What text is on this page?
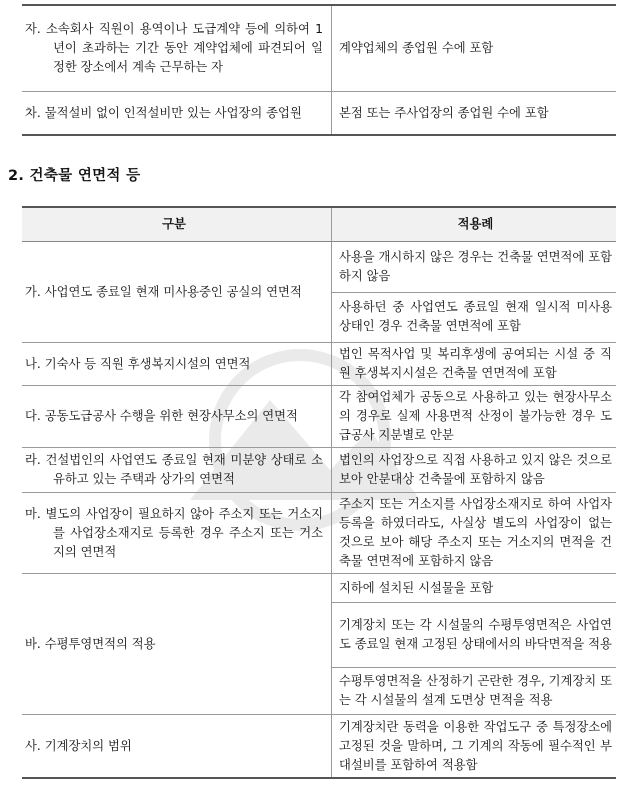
자. 소속회사 직원이 용역이나 도급계약 등에 의하여 1년이 초과하는 기간 동안 계약업체에 파견되어 일정한 장소에서 계속 근무하는 자	계약업체의 종업원 수에 포함

차. 물적설비 없이 인적설비만 있는 사업장의 종업원	본점 또는 주사업장의 종업원 수에 포함
2. 건축물 연면적 등
구분	적용례

가. 사업연도 종료일 현재 미사용중인 공실의 연면적	사용을 개시하지 않은 경우는 건축물 연면적에 포함하지 않음
	사용하던 중 사업연도 종료일 현재 일시적 미사용 상태인 경우 건축물 연면적에 포함

나. 기숙사 등 직원 후생복지시설의 연면적	법인 목적사업 및 복리후생에 공여되는 시설 중 직원 후생복지시설은 건축물 연면적에 포함

다. 공동도급공사 수행을 위한 현장사무소의 연면적	각 참여업체가 공동으로 사용하고 있는 현장사무소의 경우로 실제 사용면적 산정이 불가능한 경우 도급공사 지분별로 안분

라. 건설법인의 사업연도 종료일 현재 미분양 상태로 소유하고 있는 주택과 상가의 연면적	법인의 사업장으로 직접 사용하고 있지 않은 것으로 보아 안분대상 건축물에 포함하지 않음

마. 별도의 사업장이 필요하지 않아 주소지 또는 거소지를 사업장소재지로 등록한 경우 주소지 또는 거소지의 연면적	주소지 또는 거소지를 사업장소재지로 하여 사업자등록을 하였더라도, 사실상 별도의 사업장이 없는 것으로 보아 해당 주소지 또는 거소지의 면적을 건축물 연면적에 포함하지 않음

바. 수평투영면적의 적용	지하에 설치된 시설물을 포함
	기계장치 또는 각 시설물의 수평투영면적은 사업연도 종료일 현재 고정된 상태에서의 바닥면적을 적용
	수평투영면적을 산정하기 곤란한 경우, 기계장치 또는 각 시설물의 설계 도면상 면적을 적용

사. 기계장치의 범위	기계장치란 동력을 이용한 작업도구 중 특정장소에 고정된 것을 말하며, 그 기계의 작동에 필수적인 부대설비를 포함하여 적용함
